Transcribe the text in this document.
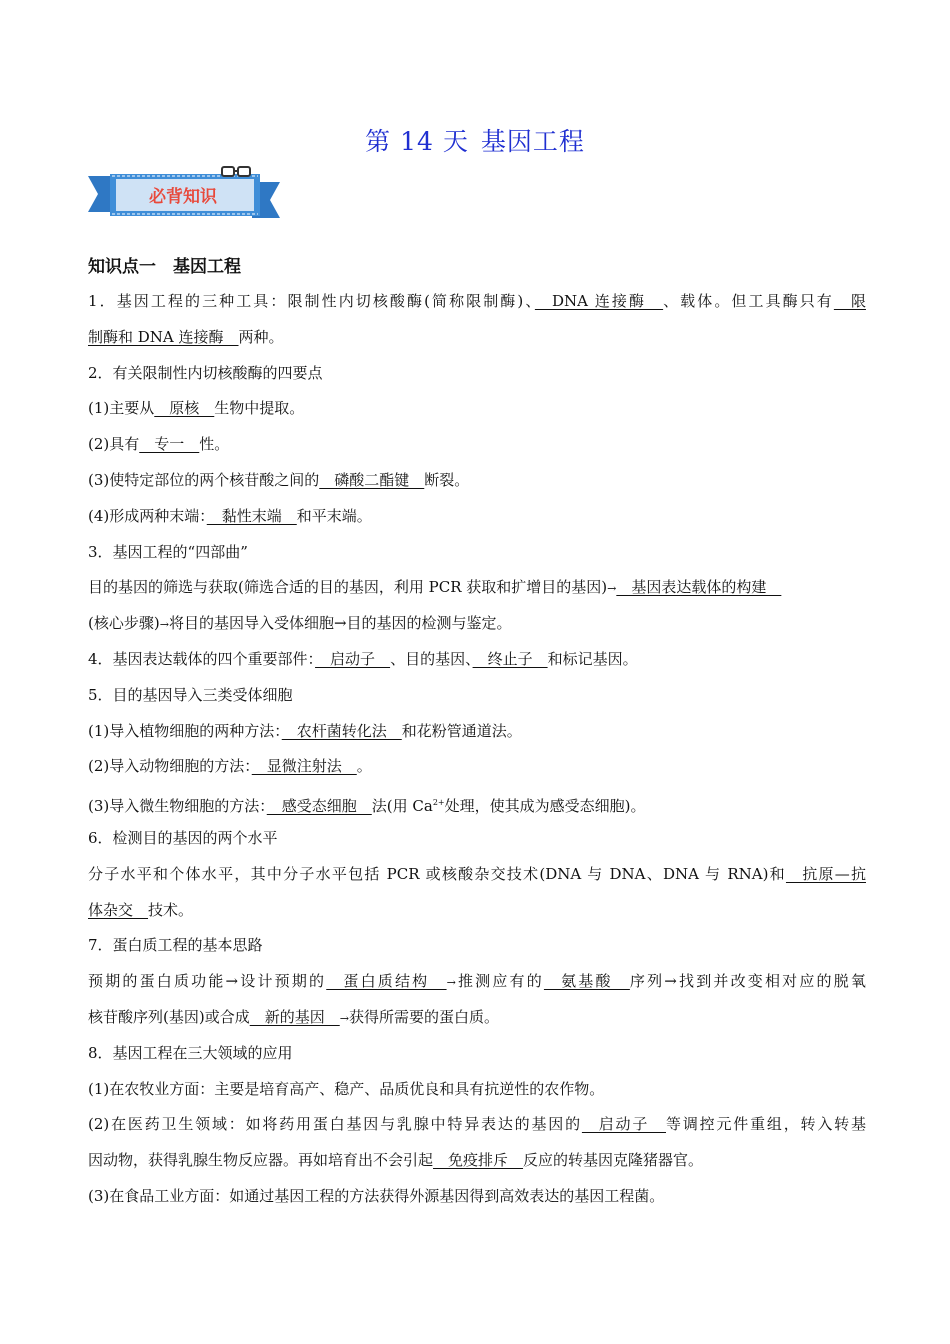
第 14 天 基因工程
必背知识
知识点一　基因工程
1．基因工程的三种工具：限制性内切核酸酶(简称限制酶)、　DNA 连接酶　、载体。但工具酶只有　限
制酶和 DNA 连接酶　两种。
2．有关限制性内切核酸酶的四要点
(1)主要从　原核　生物中提取。
(2)具有　专一　性。
(3)使特定部位的两个核苷酸之间的　磷酸二酯键　断裂。
(4)形成两种末端：　黏性末端　和平末端。
3．基因工程的“四部曲”
目的基因的筛选与获取(筛选合适的目的基因，利用 PCR 获取和扩增目的基因)→　基因表达载体的构建　
(核心步骤)→将目的基因导入受体细胞→目的基因的检测与鉴定。
4．基因表达载体的四个重要部件：　启动子　、目的基因、　终止子　和标记基因。
5．目的基因导入三类受体细胞
(1)导入植物细胞的两种方法：　农杆菌转化法　和花粉管通道法。
(2)导入动物细胞的方法：　显微注射法　。
(3)导入微生物细胞的方法：　感受态细胞　法(用 $Ca^{2+}$处理，使其成为感受态细胞)。
6．检测目的基因的两个水平
分子水平和个体水平，其中分子水平包括 PCR 或核酸杂交技术(DNA 与 DNA、DNA 与 RNA)和　抗原—抗
体杂交　技术。
7．蛋白质工程的基本思路
预期的蛋白质功能→设计预期的　蛋白质结构　→推测应有的　氨基酸　序列→找到并改变相对应的脱氧
核苷酸序列(基因)或合成　新的基因　→获得所需要的蛋白质。
8．基因工程在三大领域的应用
(1)在农牧业方面：主要是培育高产、稳产、品质优良和具有抗逆性的农作物。
(2)在医药卫生领域：如将药用蛋白基因与乳腺中特异表达的基因的　启动子　等调控元件重组，转入转基
因动物，获得乳腺生物反应器。再如培育出不会引起　免疫排斥　反应的转基因克隆猪器官。
(3)在食品工业方面：如通过基因工程的方法获得外源基因得到高效表达的基因工程菌。
